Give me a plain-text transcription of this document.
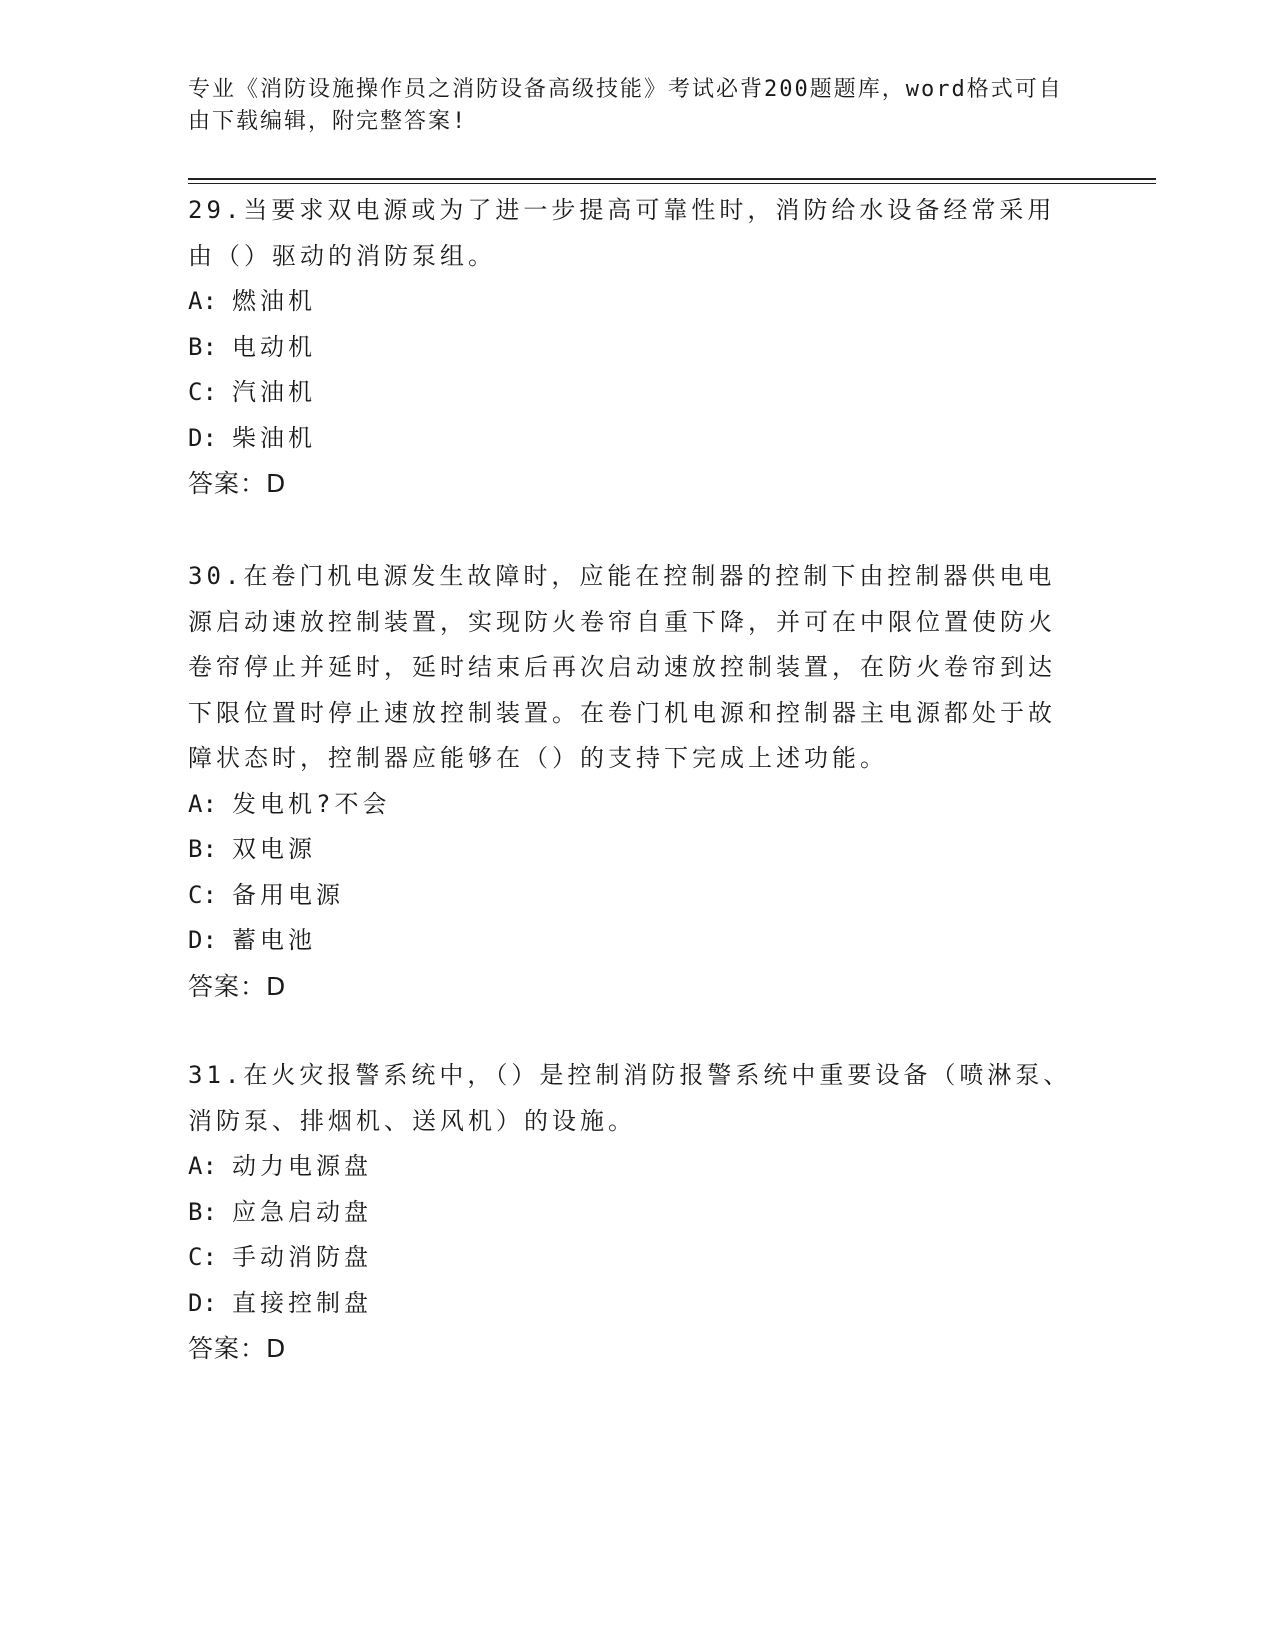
专业《消防设施操作员之消防设备高级技能》考试必背200题题库，word格式可自由下载编辑，附完整答案!

29.当要求双电源或为了进一步提高可靠性时，消防给水设备经常采用由（）驱动的消防泵组。

A: 燃油机

B: 电动机

C: 汽油机

D: 柴油机

答案：D

30.在卷门机电源发生故障时，应能在控制器的控制下由控制器供电电源启动速放控制装置，实现防火卷帘自重下降，并可在中限位置使防火卷帘停止并延时，延时结束后再次启动速放控制装置，在防火卷帘到达下限位置时停止速放控制装置。在卷门机电源和控制器主电源都处于故障状态时，控制器应能够在（）的支持下完成上述功能。

A: 发电机?不会

B: 双电源

C: 备用电源

D: 蓄电池

答案：D

31.在火灾报警系统中，（）是控制消防报警系统中重要设备（喷淋泵、消防泵、排烟机、送风机）的设施。

A: 动力电源盘

B: 应急启动盘

C: 手动消防盘

D: 直接控制盘

答案：D
